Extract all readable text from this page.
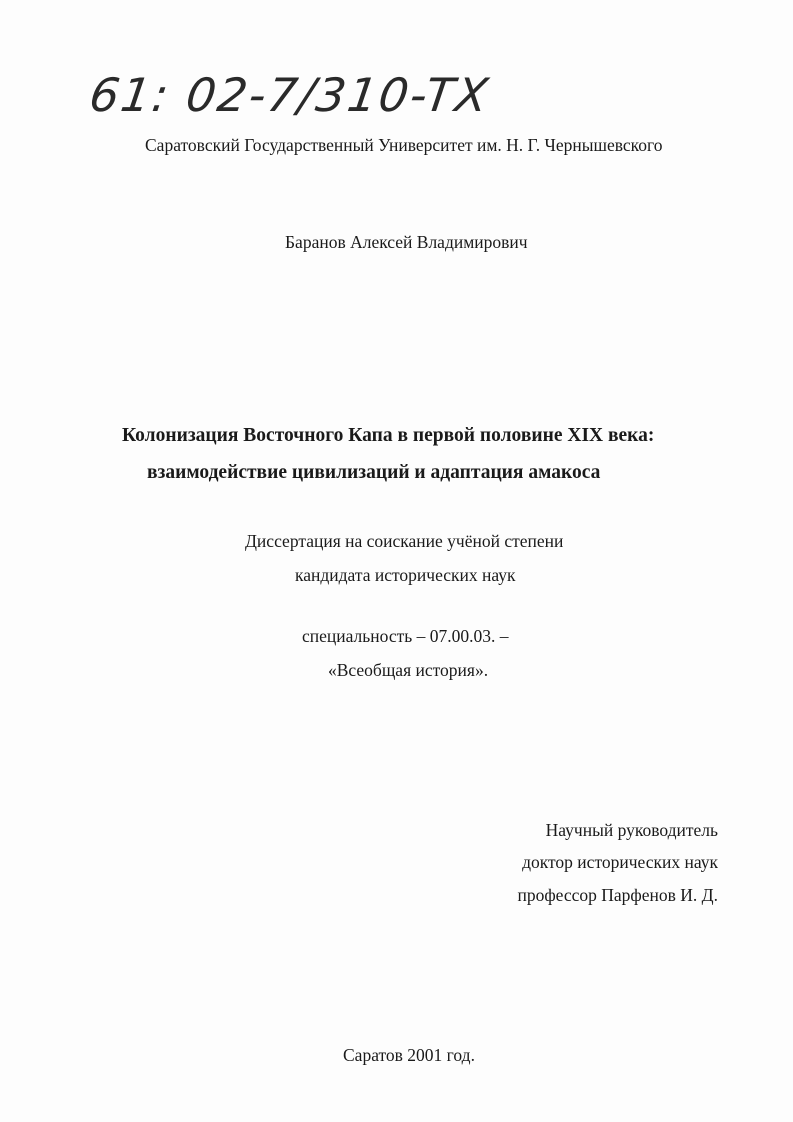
61: 02-7/310-TX
Саратовский Государственный Университет им. Н. Г. Чернышевского
Баранов Алексей Владимирович
Колонизация Восточного Капа в первой половине XIX века:
взаимодействие цивилизаций и адаптация амакоса
Диссертация на соискание учёной степени
кандидата исторических наук
специальность – 07.00.03. –
«Всеобщая история».
Научный руководитель
доктор исторических наук
профессор Парфенов И. Д.
Саратов 2001 год.
